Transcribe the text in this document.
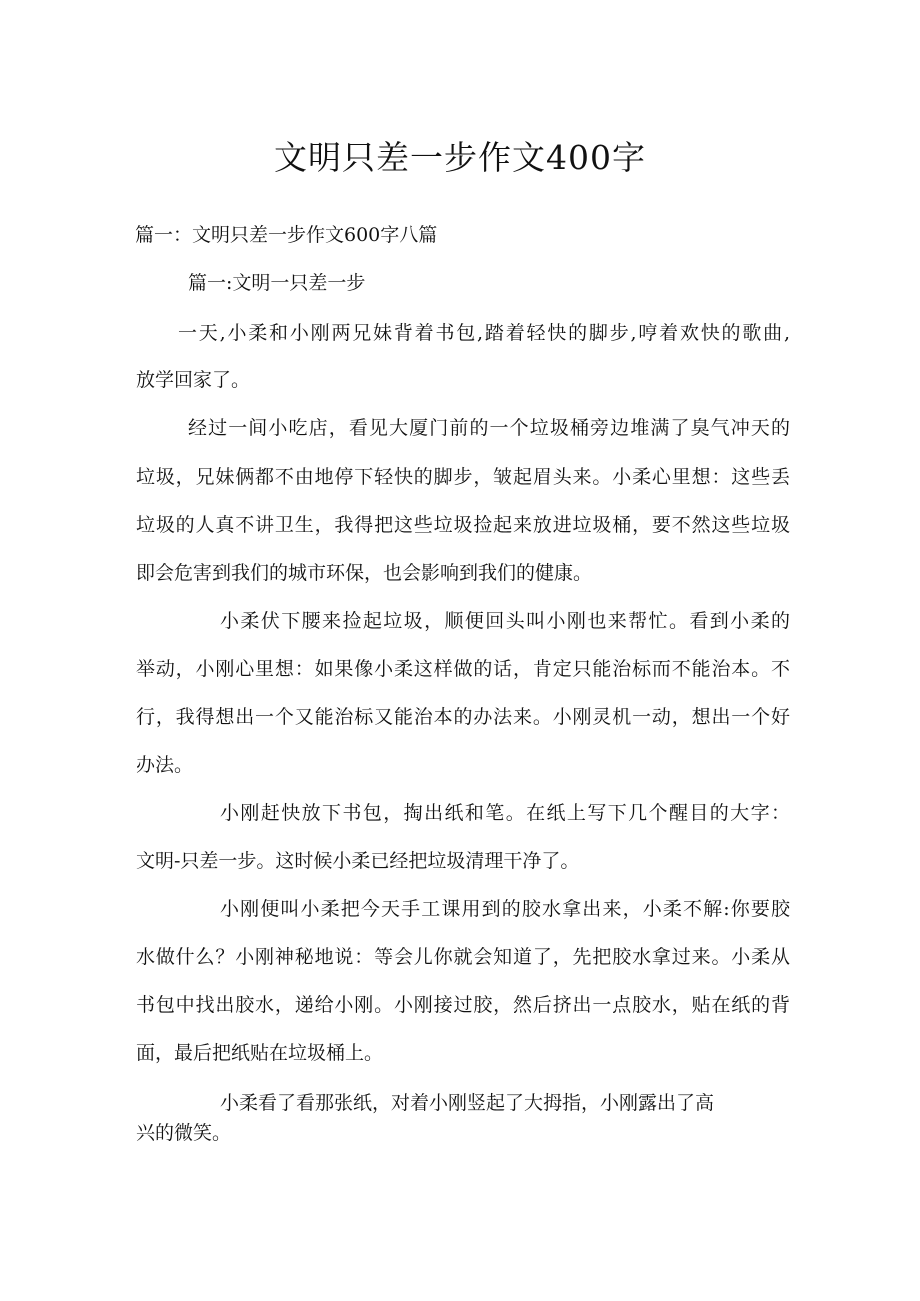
文明只差一步作文400字

篇一：文明只差一步作文600字八篇

篇一:文明一只差一步

一天,小柔和小刚两兄妹背着书包,踏着轻快的脚步,哼着欢快的歌曲,

放学回家了。

经过一间小吃店，看见大厦门前的一个垃圾桶旁边堆满了臭气冲天的

垃圾，兄妹俩都不由地停下轻快的脚步，皱起眉头来。小柔心里想：这些丢

垃圾的人真不讲卫生，我得把这些垃圾捡起来放进垃圾桶，要不然这些垃圾

即会危害到我们的城市环保，也会影响到我们的健康。

小柔伏下腰来捡起垃圾，顺便回头叫小刚也来帮忙。看到小柔的

举动，小刚心里想：如果像小柔这样做的话，肯定只能治标而不能治本。不

行，我得想出一个又能治标又能治本的办法来。小刚灵机一动，想出一个好

办法。

小刚赶快放下书包，掏出纸和笔。在纸上写下几个醒目的大字：

文明-只差一步。这时候小柔已经把垃圾清理干净了。

小刚便叫小柔把今天手工课用到的胶水拿出来，小柔不解:你要胶

水做什么？小刚神秘地说：等会儿你就会知道了，先把胶水拿过来。小柔从

书包中找出胶水，递给小刚。小刚接过胶，然后挤出一点胶水，贴在纸的背

面，最后把纸贴在垃圾桶上。

小柔看了看那张纸，对着小刚竖起了大拇指，小刚露出了高

兴的微笑。
